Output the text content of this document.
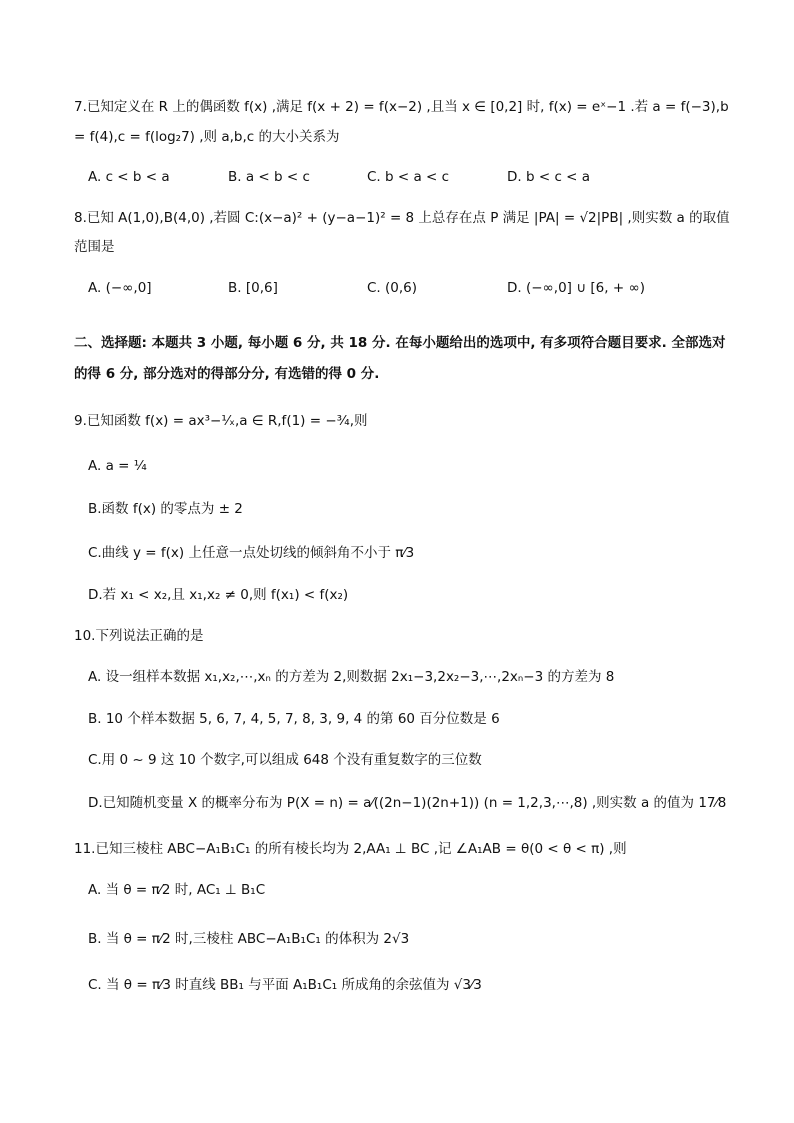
7.已知定义在 R 上的偶函数 f(x) ,满足 f(x + 2) = f(x−2) ,且当 x ∈ [0,2] 时, f(x) = eˣ−1 .若 a = f(−3),b
= f(4),c = f(log₂7) ,则 a,b,c 的大小关系为
A. c < b < a	B. a < b < c	C. b < a < c	D. b < c < a
8.已知 A(1,0),B(4,0) ,若圆 C:(x−a)² + (y−a−1)² = 8 上总存在点 P 满足 |PA| = √2|PB| ,则实数 a 的取值
范围是
A. (−∞,0]	B. [0,6]	C. (0,6)	D. (−∞,0] ∪ [6, + ∞)
二、选择题: 本题共 3 小题, 每小题 6 分, 共 18 分. 在每小题给出的选项中, 有多项符合题目要求. 全部选对
的得 6 分, 部分选对的得部分分, 有选错的得 0 分.
9.已知函数 f(x) = ax³−¹⁄ₓ,a ∈ R,f(1) = −³⁄₄,则
A. a = ¹⁄₄
B.函数 f(x) 的零点为 ± 2
C.曲线 y = f(x) 上任意一点处切线的倾斜角不小于 π⁄3
D.若 x₁ < x₂,且 x₁,x₂ ≠ 0,则 f(x₁) < f(x₂)
10.下列说法正确的是
A. 设一组样本数据 x₁,x₂,⋯,xₙ 的方差为 2,则数据 2x₁−3,2x₂−3,⋯,2xₙ−3 的方差为 8
B. 10 个样本数据 5, 6, 7, 4, 5, 7, 8, 3, 9, 4 的第 60 百分位数是 6
C.用 0 ~ 9 这 10 个数字,可以组成 648 个没有重复数字的三位数
D.已知随机变量 X 的概率分布为 P(X = n) = a⁄((2n−1)(2n+1)) (n = 1,2,3,⋯,8) ,则实数 a 的值为 17⁄8
11.已知三棱柱 ABC−A₁B₁C₁ 的所有棱长均为 2,AA₁ ⊥ BC ,记 ∠A₁AB = θ(0 < θ < π) ,则
A. 当 θ = π⁄2 时, AC₁ ⊥ B₁C
B. 当 θ = π⁄2 时,三棱柱 ABC−A₁B₁C₁ 的体积为 2√3
C. 当 θ = π⁄3 时直线 BB₁ 与平面 A₁B₁C₁ 所成角的余弦值为 √3⁄3
